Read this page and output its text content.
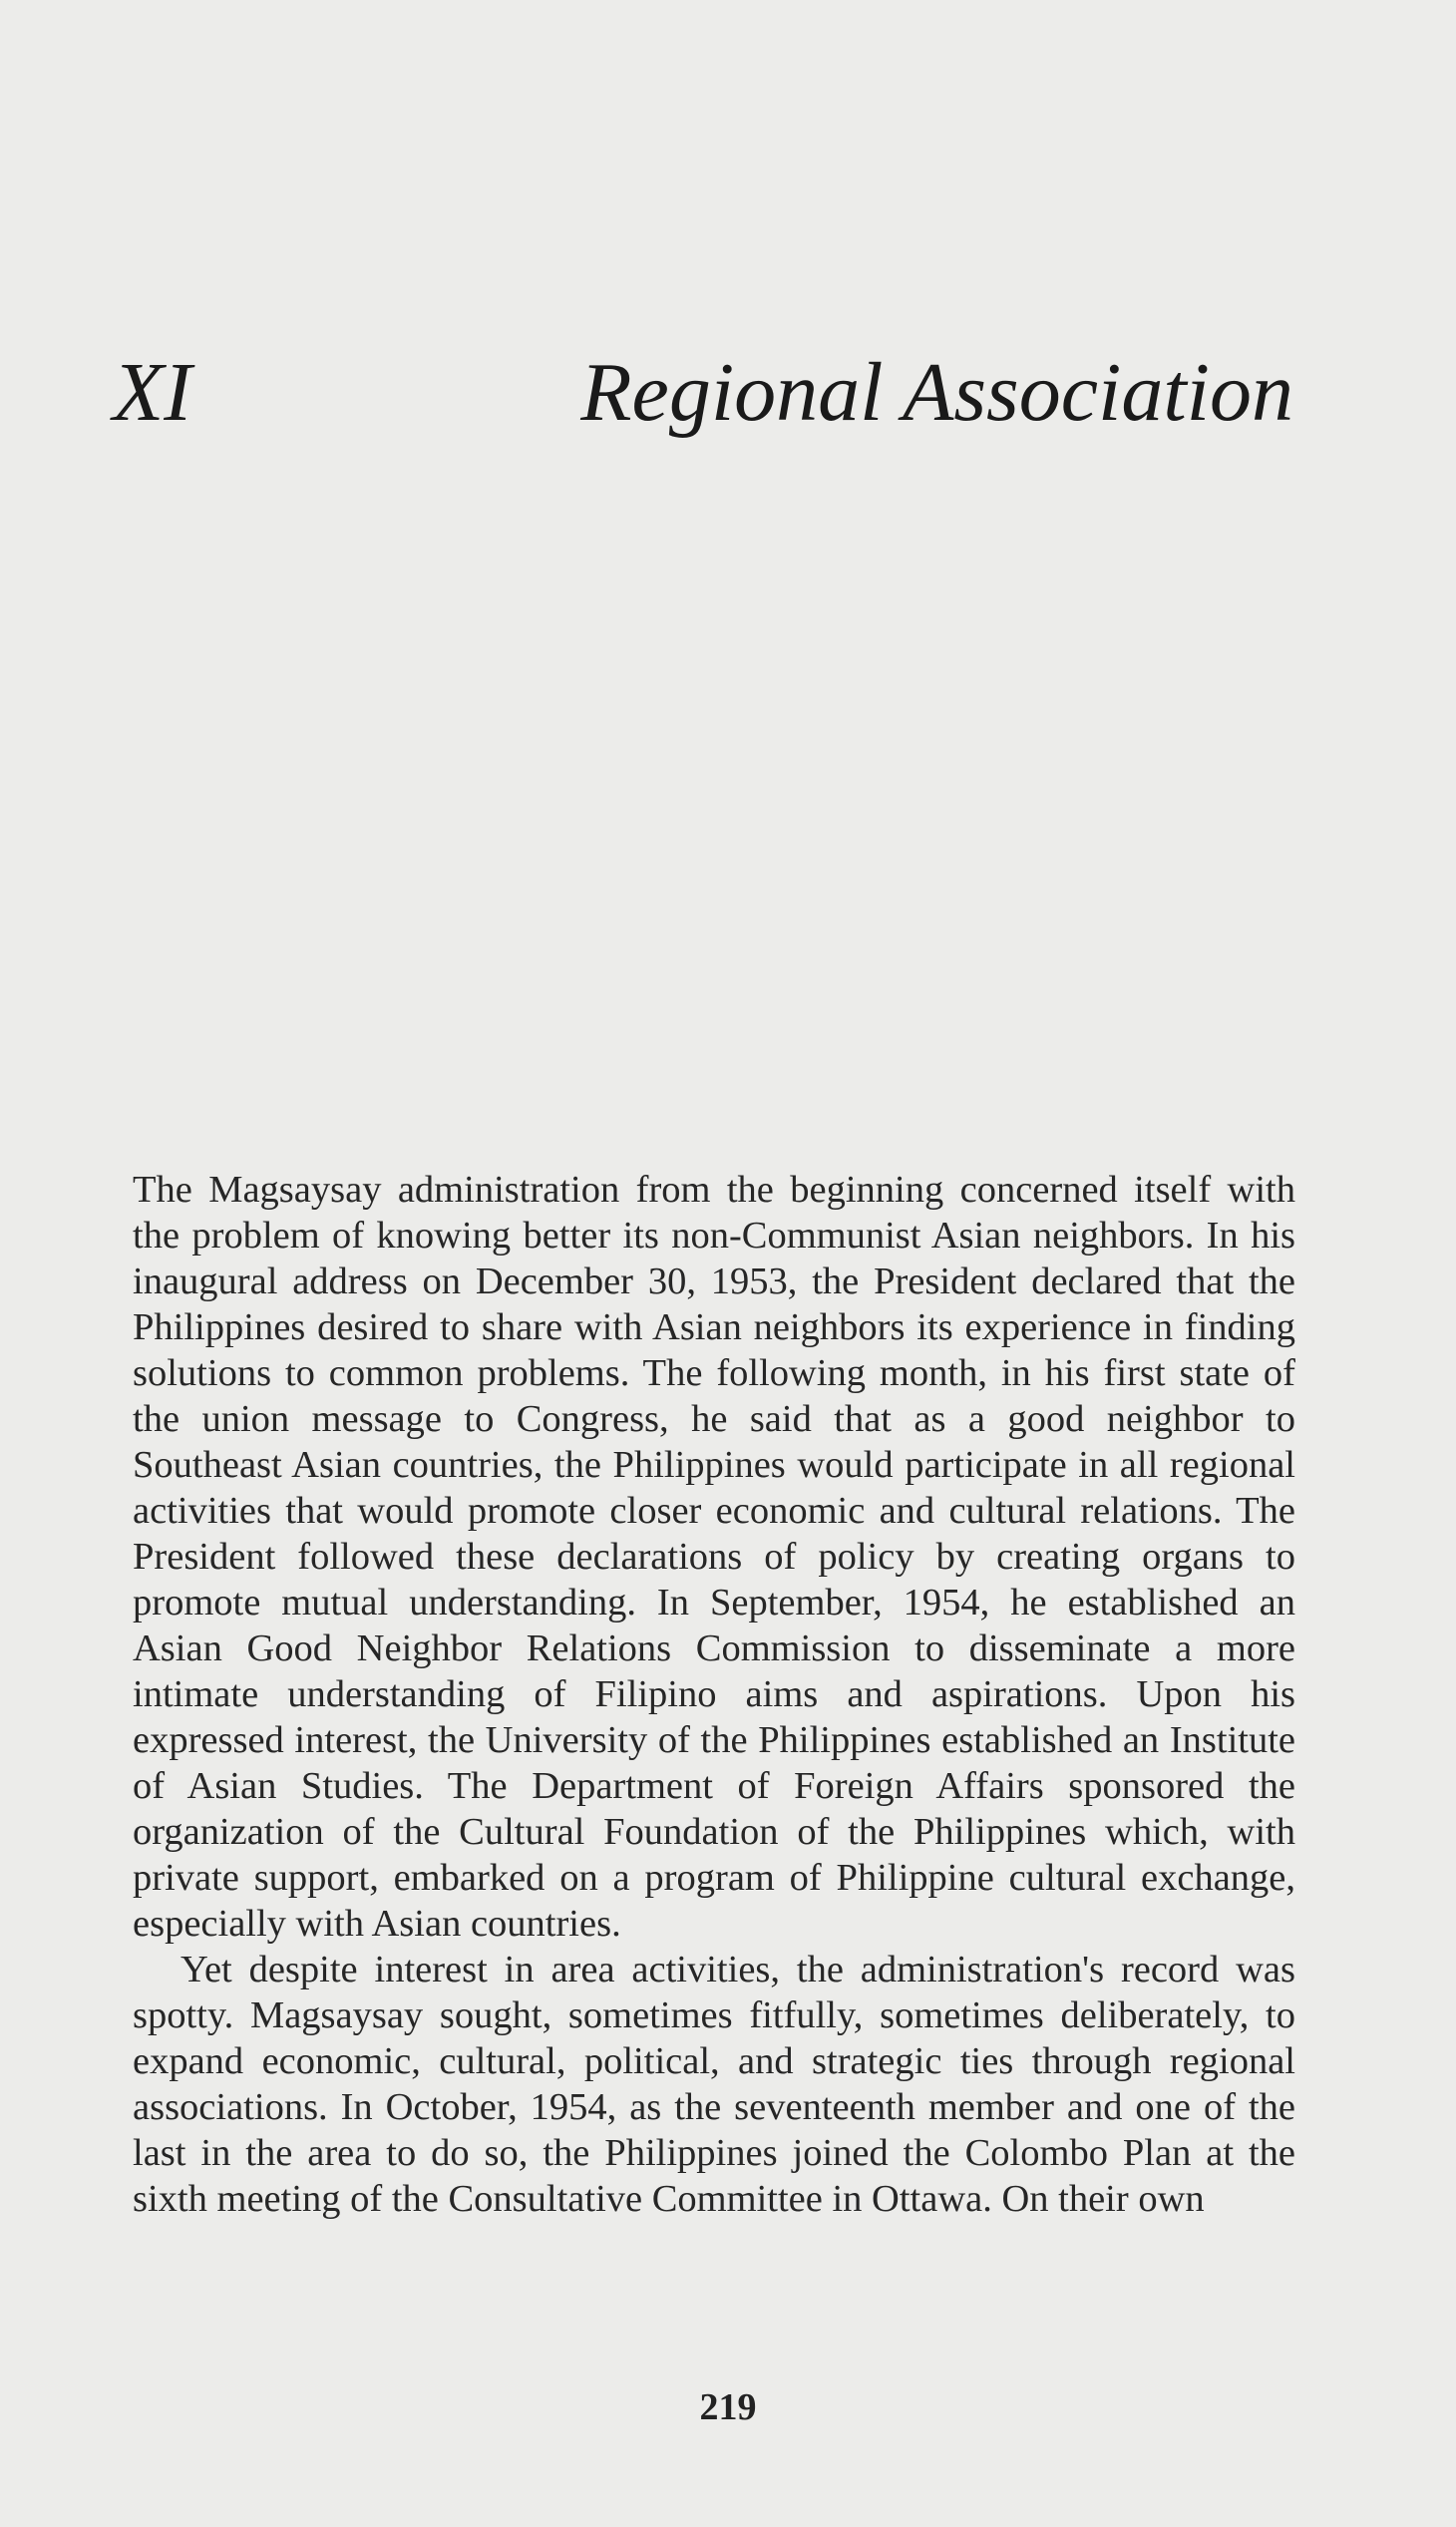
XI	Regional Association

The Magsaysay administration from the beginning concerned itself with the problem of knowing better its non-Communist Asian neighbors. In his inaugural address on December 30, 1953, the President declared that the Philippines desired to share with Asian neighbors its experience in finding solutions to common problems. The following month, in his first state of the union message to Congress, he said that as a good neighbor to Southeast Asian countries, the Philippines would participate in all regional activities that would promote closer economic and cultural relations. The President followed these declarations of policy by creating organs to promote mutual understanding. In September, 1954, he established an Asian Good Neighbor Relations Commission to disseminate a more intimate understanding of Filipino aims and aspirations. Upon his expressed interest, the University of the Philippines established an Institute of Asian Studies. The Department of Foreign Affairs sponsored the organization of the Cultural Foundation of the Philippines which, with private support, embarked on a program of Philippine cultural exchange, especially with Asian countries.

Yet despite interest in area activities, the administration's record was spotty. Magsaysay sought, sometimes fitfully, sometimes deliberately, to expand economic, cultural, political, and strategic ties through regional associations. In October, 1954, as the seventeenth member and one of the last in the area to do so, the Philippines joined the Colombo Plan at the sixth meeting of the Consultative Committee in Ottawa. On their own

219
